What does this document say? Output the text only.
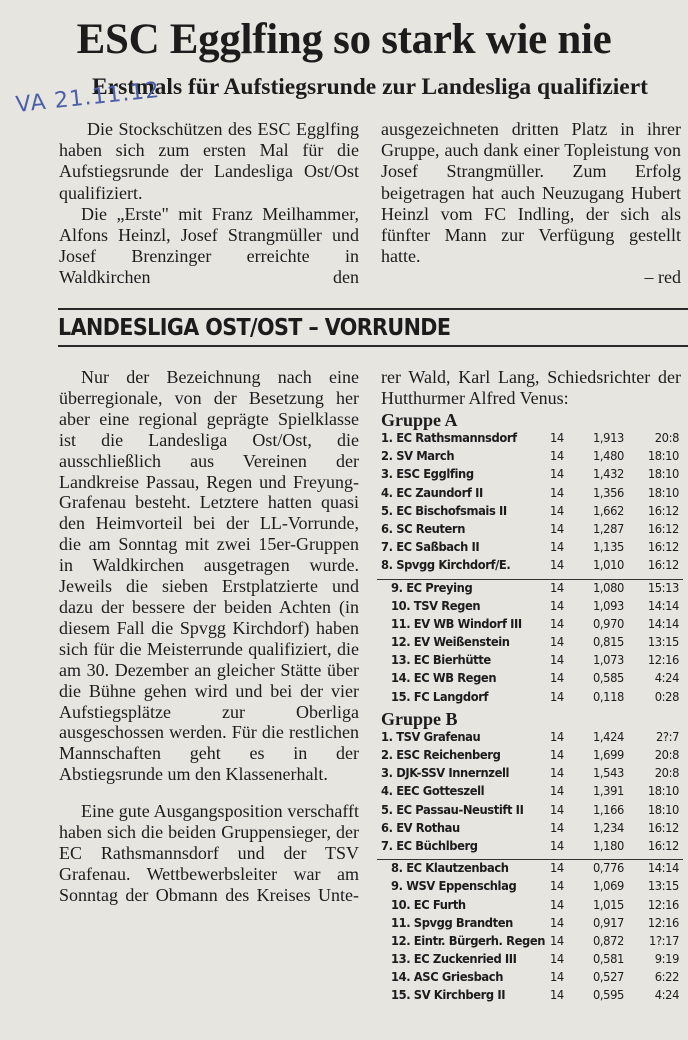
ESC Egglfing so stark wie nie
Erstmals für Aufstiegsrunde zur Landesliga qualifiziert
VA 21.11.12

Die Stockschützen des ESC Egglfing haben sich zum ersten Mal für die Aufstiegsrunde der Landesliga Ost/Ost qualifiziert.

Die „Erste" mit Franz Meilhammer, Alfons Heinzl, Josef Strangmüller und Josef Brenzinger erreichte in Waldkirchen den

ausgezeichneten dritten Platz in ihrer Gruppe, auch dank einer Topleistung von Josef Strangmüller. Zum Erfolg beigetragen hat auch Neuzugang Hubert Heinzl vom FC Indling, der sich als fünfter Mann zur Verfügung gestellt hatte.

– red

LANDESLIGA OST/OST – VORRUNDE

Nur der Bezeichnung nach eine überregionale, von der Besetzung her aber eine regional geprägte Spielklasse ist die Landesliga Ost/Ost, die ausschließlich aus Vereinen der Landkreise Passau, Regen und Freyung-Grafenau besteht. Letztere hatten quasi den Heimvorteil bei der LL-Vorrunde, die am Sonntag mit zwei 15er-Gruppen in Waldkirchen ausgetragen wurde. Jeweils die sieben Erstplatzierte und dazu der bessere der beiden Achten (in diesem Fall die Spvgg Kirchdorf) haben sich für die Meisterrunde qualifiziert, die am 30. Dezember an gleicher Stätte über die Bühne gehen wird und bei der vier Aufstiegsplätze zur Oberliga ausgeschossen werden. Für die restlichen Mannschaften geht es in der Abstiegsrunde um den Klassenerhalt.

Eine gute Ausgangsposition verschafft haben sich die beiden Gruppensieger, der EC Rathsmannsdorf und der TSV Grafenau. Wettbewerbsleiter war am Sonntag der Obmann des Kreises Unte-

rer Wald, Karl Lang, Schiedsrichter der Hutthurmer Alfred Venus:

Gruppe A
1. EC Rathsmannsdorf	14 1,913 20:8
2. SV March	14 1,480 18:10
3. ESC Egglfing	14 1,432 18:10
4. EC Zaundorf II	14 1,356 18:10
5. EC Bischofsmais II	14 1,662 16:12
6. SC Reutern	14 1,287 16:12
7. EC Saßbach II	14 1,135 16:12
8. Spvgg Kirchdorf/E.	14 1,010 16:12
9. EC Preying	14 1,080 15:13
10. TSV Regen	14 1,093 14:14
11. EV WB Windorf III 14 0,970 14:14
12. EV Weißenstein	14 0,815 13:15
13. EC Bierhütte	14 1,073 12:16
14. EC WB Regen	14 0,585 4:24
15. FC Langdorf	14 0,118 0:28
Gruppe B
1. TSV Grafenau	14 1,424	2?:7
2. ESC Reichenberg	14 1,699 20:8
3. DJK-SSV Innernzell	14 1,543 20:8
4. EEC Gotteszell	14 1,391 18:10
5. EC Passau-Neustift II 14 1,166 18:10
6. EV Rothau	14 1,234 16:12
7. EC Büchlberg	14 1,180 16:12
8. EC Klautzenbach	14 0,776 14:14
9. WSV Eppenschlag	14 1,069 13:15
10. EC Furth	14 1,015 12:16
11. Spvgg Brandten	14 0,917 12:16
12. Eintr. Bürgerh. Regen 14 0,872 1?:17
13. EC Zuckenried III	14 0,581 9:19
14. ASC Griesbach	14 0,527 6:22
15. SV Kirchberg II	14 0,595 4:24
